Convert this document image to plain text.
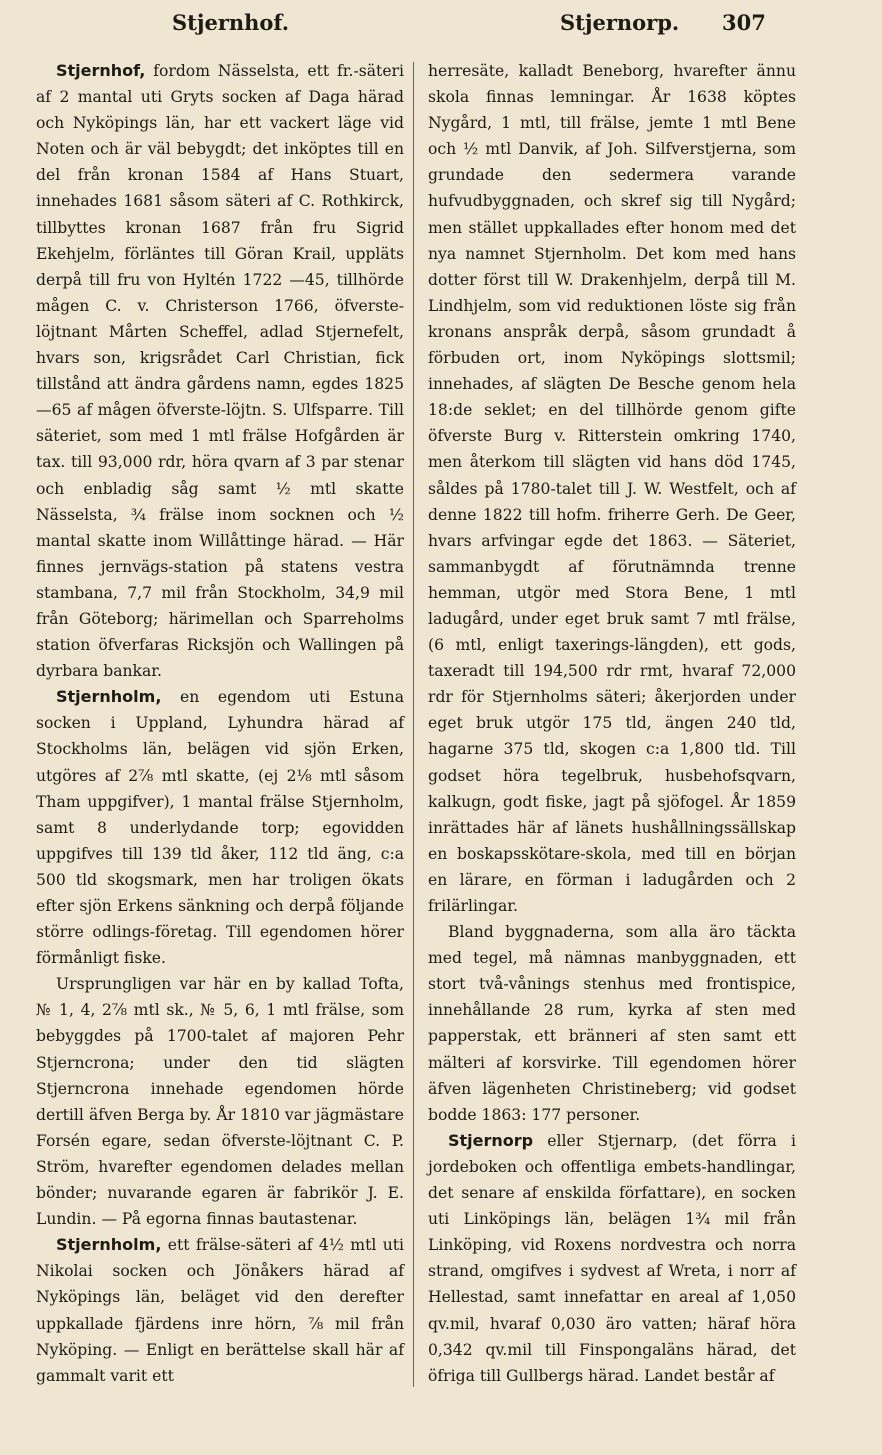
Stjernhof.	Stjernorp. 307

Stjernhof, fordom Nässelsta, ett fr.-säteri af 2 mantal uti Gryts socken af Daga härad och Nyköpings län, har ett vackert läge vid Noten och är väl bebygdt; det inköptes till en del från kronan 1584 af Hans Stuart, innehades 1681 såsom säteri af C. Rothkirck, tillbyttes kronan 1687 från fru Sigrid Ekehjelm, förläntes till Göran Krail, uppläts derpå till fru von Hyltén 1722 —45, tillhörde mågen C. v. Christerson 1766, öfverste-löjtnant Mårten Scheffel, adlad Stjernefelt, hvars son, krigsrådet Carl Christian, fick tillstånd att ändra gårdens namn, egdes 1825—65 af mågen öfverste-löjtn. S. Ulfsparre. Till säteriet, som med 1 mtl frälse Hofgården är tax. till 93,000 rdr, höra qvarn af 3 par stenar och enbladig såg samt ½ mtl skatte Nässelsta, ¾ frälse inom socknen och ½ mantal skatte inom Willåttinge härad. — Här finnes jernvägs-station på statens vestra stambana, 7,7 mil från Stockholm, 34,9 mil från Göteborg; härimellan och Sparreholms station öfverfaras Ricksjön och Wallingen på dyrbara bankar.

Stjernholm, en egendom uti Estuna socken i Uppland, Lyhundra härad af Stockholms län, belägen vid sjön Erken, utgöres af 2⅞ mtl skatte, (ej 2⅛ mtl såsom Tham uppgifver), 1 mantal frälse Stjernholm, samt 8 underlydande torp; egovidden uppgifves till 139 tld åker, 112 tld äng, c:a 500 tld skogsmark, men har troligen ökats efter sjön Erkens sänkning och derpå följande större odlings-företag. Till egendomen hörer förmånligt fiske.

Ursprungligen var här en by kallad Tofta, № 1, 4, 2⅞ mtl sk., № 5, 6, 1 mtl frälse, som bebyggdes på 1700-talet af majoren Pehr Stjerncrona; under den tid slägten Stjerncrona innehade egendomen hörde dertill äfven Berga by. År 1810 var jägmästare Forsén egare, sedan öfverste-löjtnant C. P. Ström, hvarefter egendomen delades mellan bönder; nuvarande egaren är fabrikör J. E. Lundin. — På egorna finnas bautastenar.

Stjernholm, ett frälse-säteri af 4½ mtl uti Nikolai socken och Jönåkers härad af Nyköpings län, beläget vid den derefter uppkallade fjärdens inre hörn, ⅞ mil från Nyköping. — Enligt en berättelse skall här af gammalt varit ett

herresäte, kalladt Beneborg, hvarefter ännu skola finnas lemningar. År 1638 köptes Nygård, 1 mtl, till frälse, jemte 1 mtl Bene och ½ mtl Danvik, af Joh. Silfverstjerna, som grundade den sedermera varande hufvudbyggnaden, och skref sig till Nygård; men stället uppkallades efter honom med det nya namnet Stjernholm. Det kom med hans dotter först till W. Drakenhjelm, derpå till M. Lindhjelm, som vid reduktionen löste sig från kronans anspråk derpå, såsom grundadt å förbuden ort, inom Nyköpings slottsmil; innehades, af slägten De Besche genom hela 18:de seklet; en del tillhörde genom gifte öfverste Burg v. Ritterstein omkring 1740, men återkom till slägten vid hans död 1745, såldes på 1780-talet till J. W. Westfelt, och af denne 1822 till hofm. friherre Gerh. De Geer, hvars arfvingar egde det 1863. — Säteriet, sammanbygdt af förutnämnda trenne hemman, utgör med Stora Bene, 1 mtl ladugård, under eget bruk samt 7 mtl frälse, (6 mtl, enligt taxerings-längden), ett gods, taxeradt till 194,500 rdr rmt, hvaraf 72,000 rdr för Stjernholms säteri; åkerjorden under eget bruk utgör 175 tld, ängen 240 tld, hagarne 375 tld, skogen c:a 1,800 tld. Till godset höra tegelbruk, husbehofsqvarn, kalkugn, godt fiske, jagt på sjöfogel. År 1859 inrättades här af länets hushållningssällskap en boskapsskötare-skola, med till en början en lärare, en förman i ladugården och 2 frilärlingar.

Bland byggnaderna, som alla äro täckta med tegel, må nämnas manbyggnaden, ett stort två-vånings stenhus med frontispice, innehållande 28 rum, kyrka af sten med papperstak, ett bränneri af sten samt ett mälteri af korsvirke. Till egendomen hörer äfven lägenheten Christineberg; vid godset bodde 1863: 177 personer.

Stjernorp eller Stjernarp, (det förra i jordeboken och offentliga embets-handlingar, det senare af enskilda författare), en socken uti Linköpings län, belägen 1¾ mil från Linköping, vid Roxens nordvestra och norra strand, omgifves i sydvest af Wreta, i norr af Hellestad, samt innefattar en areal af 1,050 qv.mil, hvaraf 0,030 äro vatten; häraf höra 0,342 qv.mil till Finspongaläns härad, det öfriga till Gullbergs härad. Landet består af
